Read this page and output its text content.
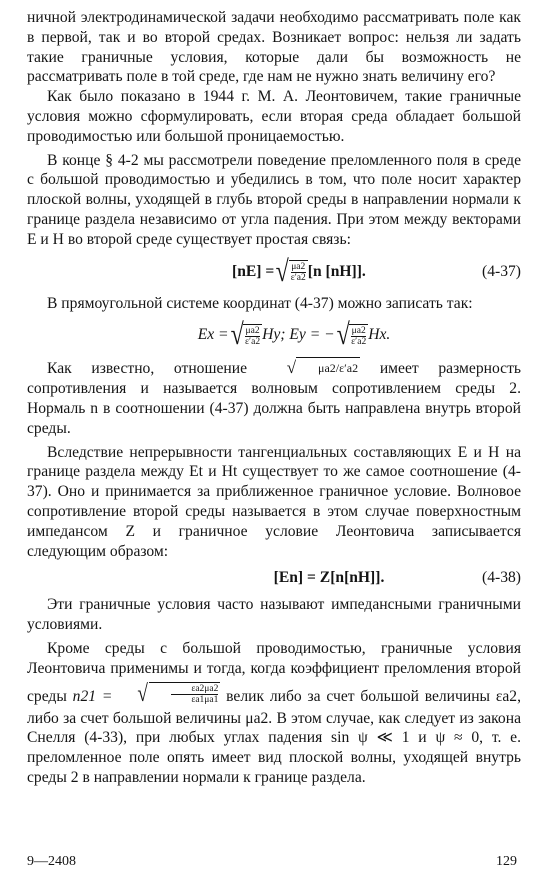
ничной электродинамической задачи необходимо рассматривать поле как в первой, так и во второй средах. Возникает вопрос: нельзя ли задать такие граничные условия, которые дали бы возможность не рассматривать поле в той среде, где нам не нужно знать величину его?

Как было показано в 1944 г. М. А. Леонтовичем, такие граничные условия можно сформулировать, если вторая среда обладает большой проводимостью или большой проницаемостью.

В конце § 4-2 мы рассмотрели поведение преломленного поля в среде с большой проводимостью и убедились в том, что поле носит характер плоской волны, уходящей в глубь второй среды в направлении нормали к границе раздела независимо от угла падения. При этом между векторами E и H во второй среде существует простая связь:

[nE] = √ $\frac{\mu a2}{\varepsilon'a2} [n$ [nH]].	(4-37)

В прямоугольной системе координат (4-37) можно записать так:

Ex = √ $\frac{\mu a2}{\varepsilon'a2} Hy$;
Ey = − √ $\frac{\mu a2}{\varepsilon'a2} Hx$.

Как известно, отношение	√	μa2/ε′a2 имеет размерность сопротивления и называется волновым сопротивлением среды 2. Нормаль n в соотношении (4-37) должна быть направлена внутрь второй среды.

Вследствие непрерывности тангенциальных составляющих E и H на границе раздела между Et и Ht существует то же самое соотношение (4-37). Оно и принимается за приближенное граничное условие. Волновое сопротивление второй среды называется в этом случае поверхностным импедансом Z и граничное условие Леонтовича записывается следующим образом:

[En] = Z[n[nH]].	(4-38)

Эти граничные условия часто называют импедансными граничными условиями.

Кроме среды с большой проводимостью, граничные условия Леонтовича применимы и тогда, когда коэффициент преломления второй среды n21 =	√ $\frac{\varepsilon a2\mu a2}{\varepsilon a1\mu a1}$ велик либо за счет большой величины εa2, либо за счет большой величины μa2. В этом случае, как следует из закона Снелля (4-33), при любых углах падения sin ψ ≪ 1 и ψ ≈ 0, т. е. преломленное поле опять имеет вид плоской волны, уходящей внутрь среды 2 в направлении нормали к границе раздела.

9—2408	129
